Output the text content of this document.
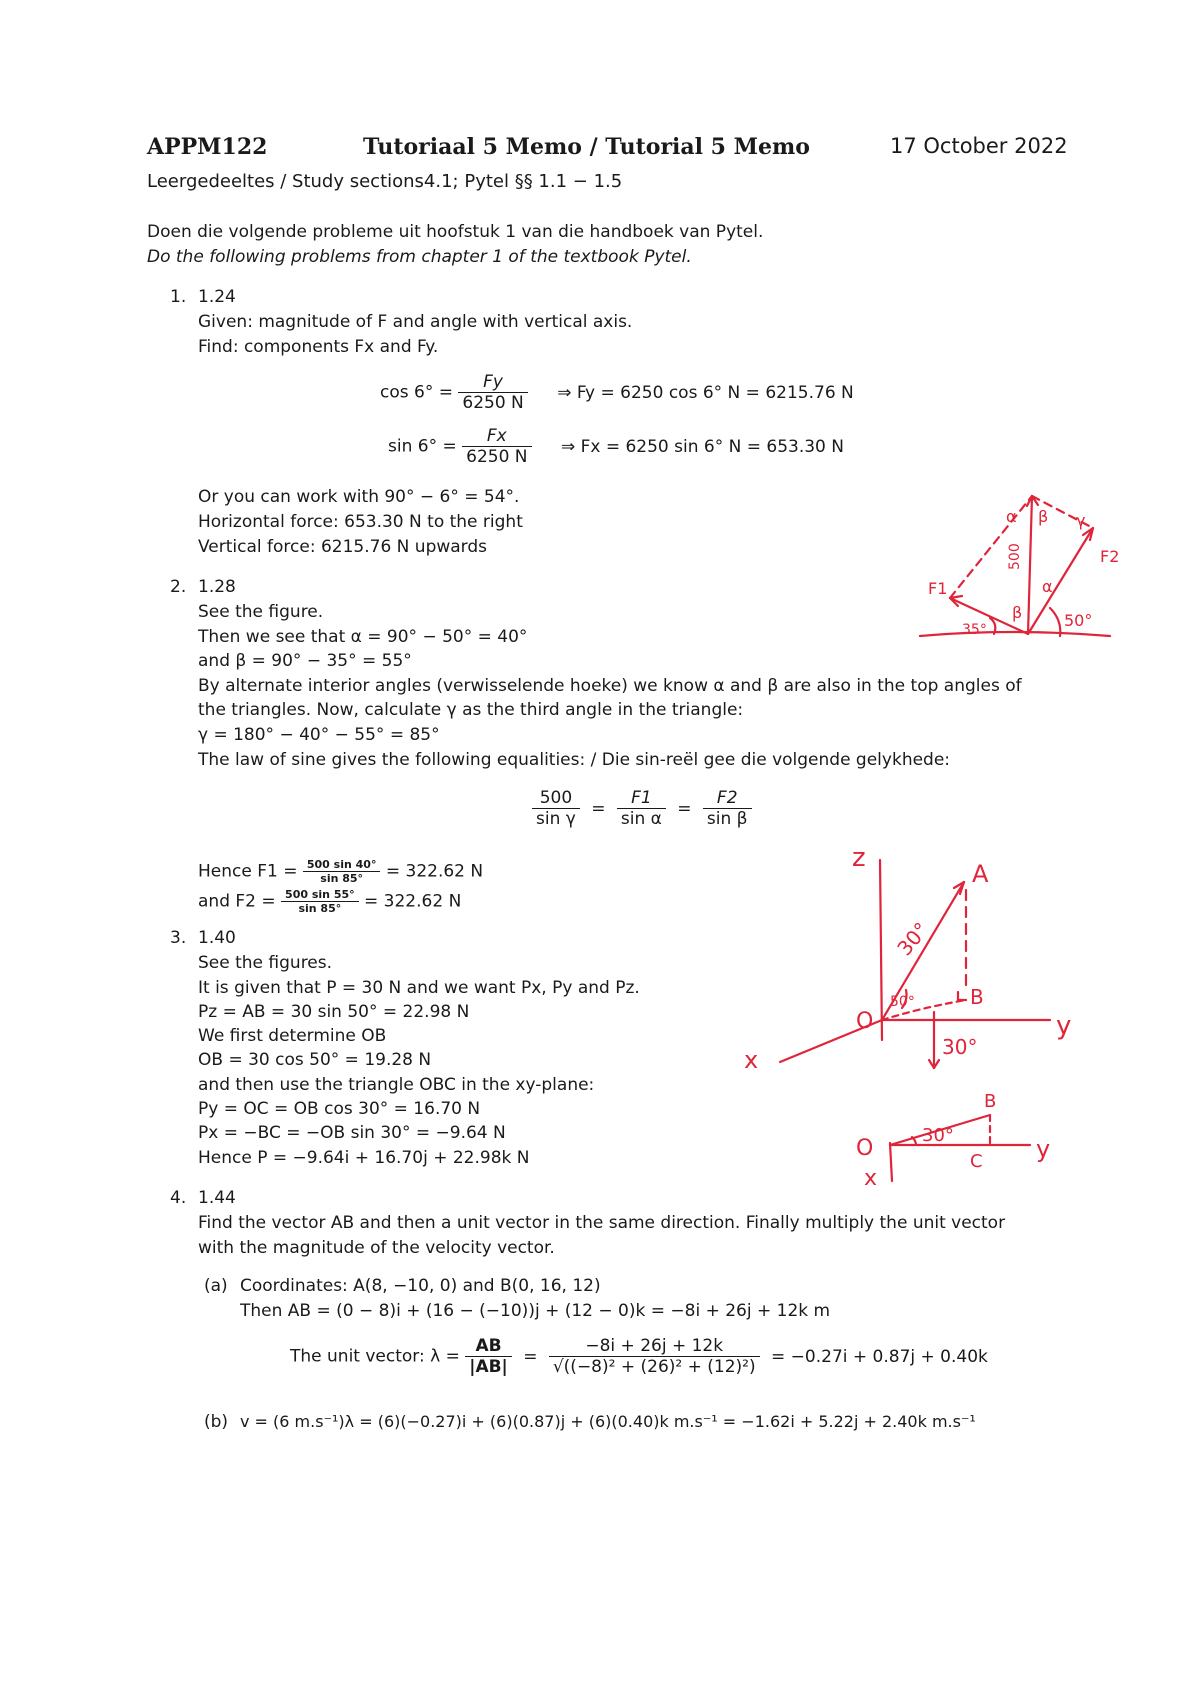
APPM122	Tutoriaal 5 Memo / Tutorial 5 Memo	17 October 2022
Leergedeeltes / Study sections4.1; Pytel §§ 1.1 − 1.5
Doen die volgende probleme uit hoofstuk 1 van die handboek van Pytel.
Do the following problems from chapter 1 of the textbook Pytel.
1. 1.24
Given: magnitude of F and angle with vertical axis.
Find: components Fx and Fy.
$\cos 6^\circ = \frac{Fy}{6250 N}$ ⇒ Fy = 6250 cos 6° N = 6215.76 N
$\sin 6^\circ = \frac{Fx}{6250 N}$ ⇒ Fx = 6250 sin 6° N = 653.30 N
Or you can work with 90° − 6° = 54°.
Horizontal force: 653.30 N to the right
Vertical force: 6215.76 N upwards
2. 1.28
See the figure.
Then we see that α = 90° − 50° = 40°
and β = 90° − 35° = 55°
By alternate interior angles (verwisselende hoeke) we know α and β are also in the top angles of
the triangles. Now, calculate γ as the third angle in the triangle:
γ = 180° − 40° − 55° = 85°
The law of sine gives the following equalities: / Die sin-reël gee die volgende gelykhede:
$\frac{500}{\text{sin γ}} = \frac{F1}{\text{sin α}} = \frac{F2}{\text{sin β}}$
Hence $F1 = \frac{500 \sin 40^\circ}{\sin 85^\circ} = 322.62$ N
and $F2 = \frac{500 \sin 55^\circ}{\sin 85^\circ} = 322.62$ N
3. 1.40
See the figures.
It is given that P = 30 N and we want Px, Py and Pz.
Pz = AB = 30 sin 50° = 22.98 N
We first determine OB
OB = 30 cos 50° = 19.28 N
and then use the triangle OBC in the xy-plane:
Py = OC = OB cos 30° = 16.70 N
Px = −BC = −OB sin 30° = −9.64 N
Hence P = −9.64i + 16.70j + 22.98k N
4. 1.44
Find the vector AB and then a unit vector in the same direction. Finally multiply the unit vector
with the magnitude of the velocity vector.
(a) Coordinates: A(8, −10, 0) and B(0, 16, 12)
Then AB = (0 − 8)i + (16 − (−10))j + (12 − 0)k = −8i + 26j + 12k m
The unit vector: $\lambda = \frac{AB}{|AB|} = \frac{-8i + 26j + 12k}{\text{√((−8)² + (26)² + (12)²)}} = -0.27i + 0.87j + 0.40k$
(b) v = (6 m.s⁻¹)λ = (6)(−0.27)i + (6)(0.87)j + (6)(0.40)k m.s⁻¹ = −1.62i + 5.22j + 2.40k m.s⁻¹
F1
F2
35°	50°
α β γ
β
α
500
z
A
O	y
x
B
30°
50°
30°
O
B
C y
x
30°
